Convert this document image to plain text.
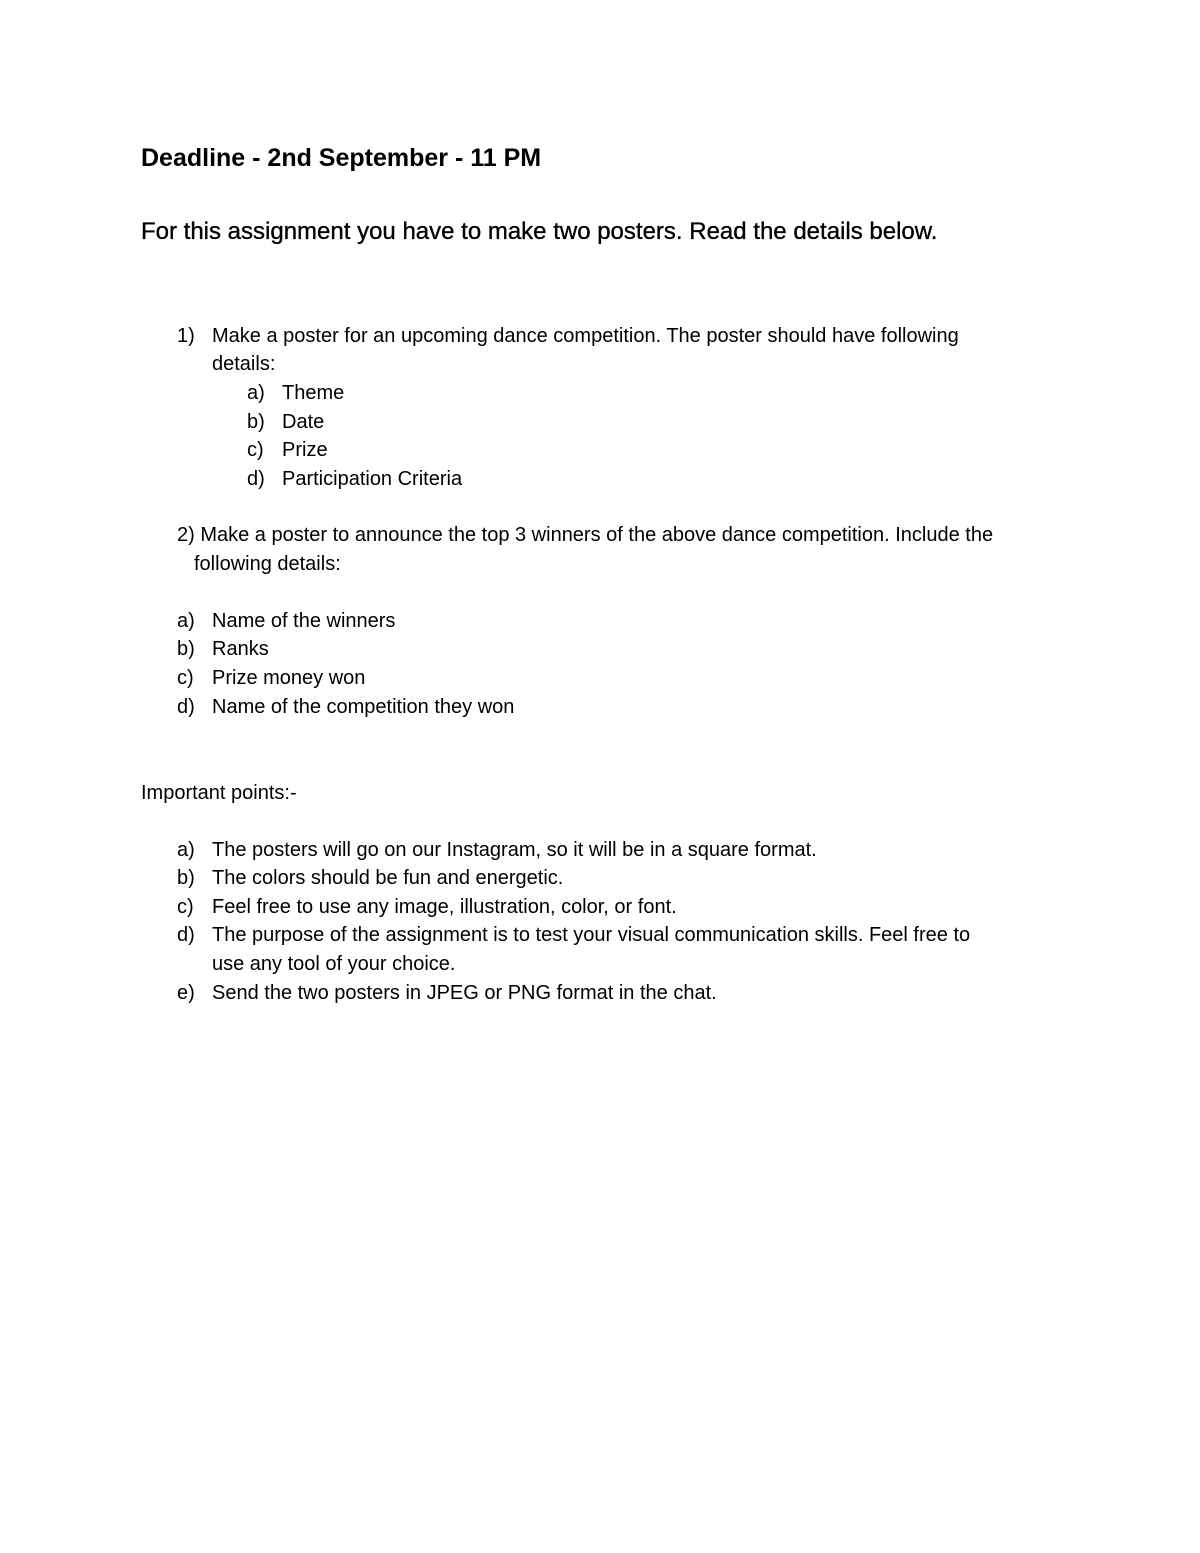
Deadline - 2nd September - 11 PM
For this assignment you have to make two posters. Read the details below.
1) Make a poster for an upcoming dance competition. The poster should have following
details:
a) Theme
b) Date
c) Prize
d) Participation Criteria
2) Make a poster to announce the top 3 winners of the above dance competition. Include the
following details:
a) Name of the winners
b) Ranks
c) Prize money won
d) Name of the competition they won
Important points:-
a) The posters will go on our Instagram, so it will be in a square format.
b) The colors should be fun and energetic.
c) Feel free to use any image, illustration, color, or font.
d) The purpose of the assignment is to test your visual communication skills. Feel free to
use any tool of your choice.
e) Send the two posters in JPEG or PNG format in the chat.
